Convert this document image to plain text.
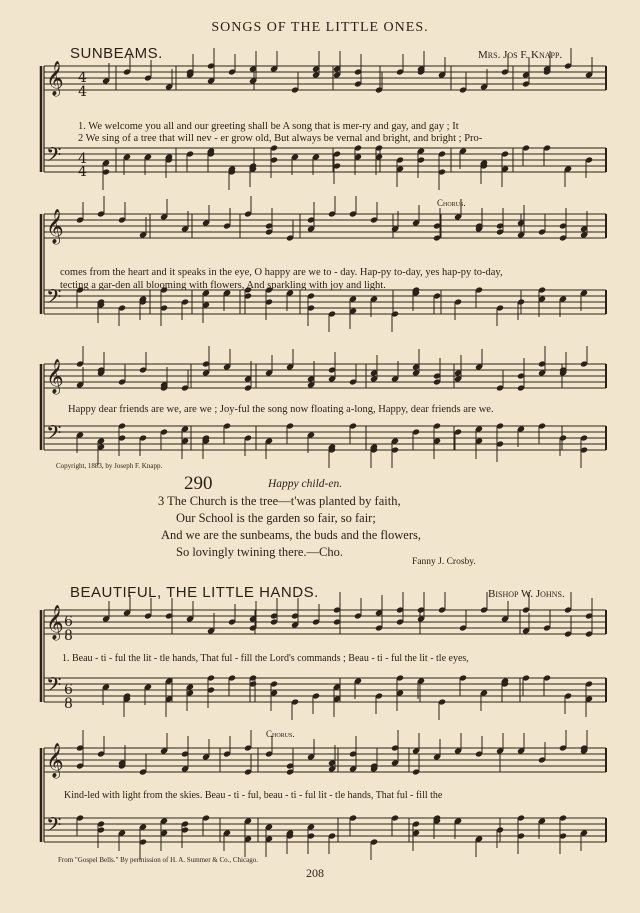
SONGS OF THE LITTLE ONES.
SUNBEAMS.	Mrs. Jos F. Knapp.
𝄞
𝄢
𝄞
𝄢
𝄞
𝄢
𝄞
𝄢
𝄞
𝄢
4
4
4
4
6
8
6
8
1. We welcome you all and our greeting shall be A song that is mer-ry and gay, and gay ; It
2 We sing of a tree that will nev - er grow old, But always be vernal and bright, and bright ; Pro-
Chorus.
comes from the heart and it speaks in the eye, O happy are we to - day. Hap-py to-day, yes hap-py to-day,
tecting a gar-den all blooming with flowers, And sparkling with joy and light.
Happy dear friends are we, are we ; Joy-ful the song now floating a-long, Happy, dear friends are we.
Copyright, 1883, by Joseph F. Knapp.
290	Happy child-en.
3 The Church is the tree—t'was planted by faith,
Our School is the garden so fair, so fair;
And we are the sunbeams, the buds and the flowers,
So lovingly twining there.—Cho.
Fanny J. Crosby.
BEAUTIFUL, THE LITTLE HANDS.	Bishop W. Johns.
1. Beau - ti - ful the lit - tle hands, That ful - fill the Lord's commands ; Beau - ti - ful the lit - tle eyes,
Chorus.
Kind-led with light from the skies. Beau - ti - ful, beau - ti - ful lit - tle hands, That ful - fill the
From "Gospel Bells." By permission of H. A. Summer & Co., Chicago.
208
